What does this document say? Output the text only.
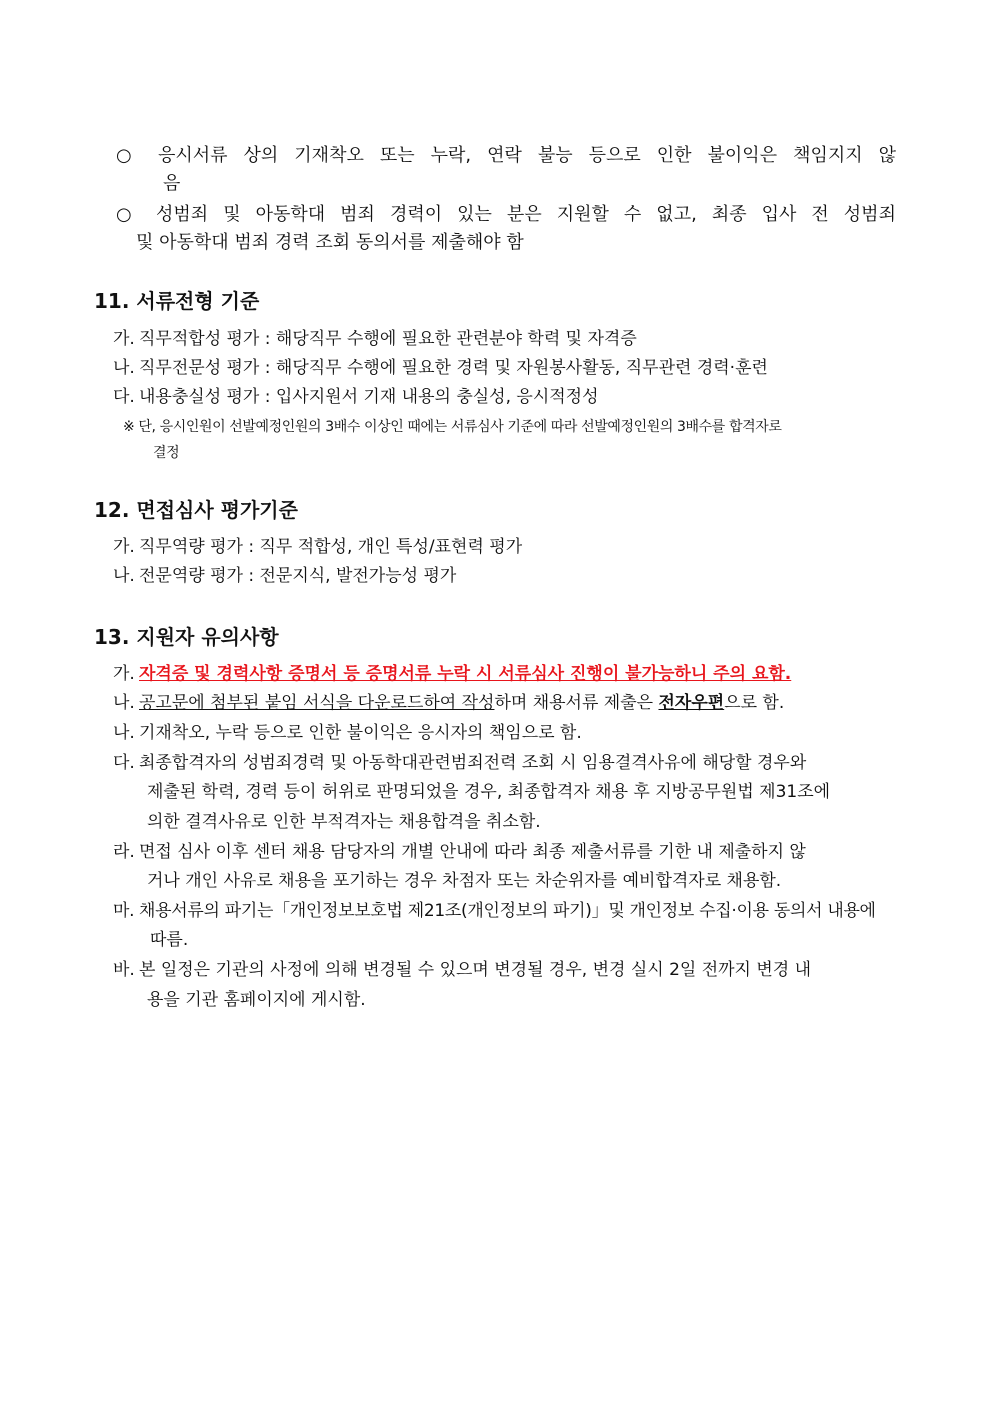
○ 응시서류 상의 기재착오 또는 누락, 연락 불능 등으로 인한 불이익은 책임지지 않
음
○ 성범죄 및 아동학대 범죄 경력이 있는 분은 지원할 수 없고, 최종 입사 전 성범죄
및 아동학대 범죄 경력 조회 동의서를 제출해야 함
11. 서류전형 기준
가. 직무적합성 평가 : 해당직무 수행에 필요한 관련분야 학력 및 자격증
나. 직무전문성 평가 : 해당직무 수행에 필요한 경력 및 자원봉사활동, 직무관련 경력·훈련
다. 내용충실성 평가 : 입사지원서 기재 내용의 충실성, 응시적정성
※ 단, 응시인원이 선발예정인원의 3배수 이상인 때에는 서류심사 기준에 따라 선발예정인원의 3배수를 합격자로
결정
12. 면접심사 평가기준
가. 직무역량 평가 : 직무 적합성, 개인 특성/표현력 평가
나. 전문역량 평가 : 전문지식, 발전가능성 평가
13. 지원자 유의사항
가. 자격증 및 경력사항 증명서 등 증명서류 누락 시 서류심사 진행이 불가능하니 주의 요함.
나. 공고문에 첨부된 붙임 서식을 다운로드하여 작성하며 채용서류 제출은 전자우편으로 함.
나. 기재착오, 누락 등으로 인한 불이익은 응시자의 책임으로 함.
다. 최종합격자의 성범죄경력 및 아동학대관련범죄전력 조회 시 임용결격사유에 해당할 경우와
제출된 학력, 경력 등이 허위로 판명되었을 경우, 최종합격자 채용 후 지방공무원법 제31조에
의한 결격사유로 인한 부적격자는 채용합격을 취소함.
라. 면접 심사 이후 센터 채용 담당자의 개별 안내에 따라 최종 제출서류를 기한 내 제출하지 않
거나 개인 사유로 채용을 포기하는 경우 차점자 또는 차순위자를 예비합격자로 채용함.
마. 채용서류의 파기는「개인정보보호법 제21조(개인정보의 파기)」및 개인정보 수집·이용 동의서 내용에
따름.
바. 본 일정은 기관의 사정에 의해 변경될 수 있으며 변경될 경우, 변경 실시 2일 전까지 변경 내
용을 기관 홈페이지에 게시함.
